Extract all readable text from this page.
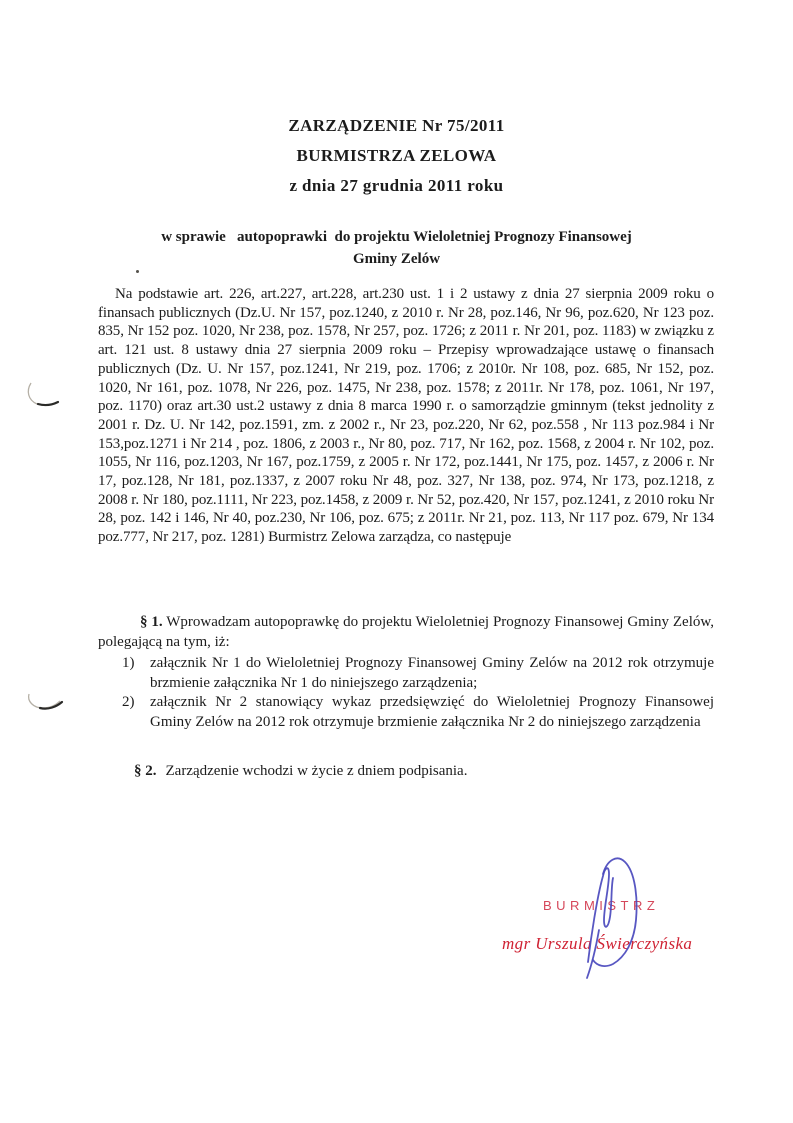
ZARZĄDZENIE Nr 75/2011
BURMISTRZA ZELOWA
z dnia 27 grudnia 2011 roku
w sprawie   autopoprawki  do projektu Wieloletniej Prognozy Finansowej
Gminy Zelów

Na podstawie art. 226, art.227, art.228, art.230 ust. 1 i 2 ustawy z dnia 27 sierpnia 2009 roku o finansach publicznych (Dz.U. Nr 157, poz.1240, z 2010 r. Nr 28, poz.146, Nr 96, poz.620, Nr 123 poz. 835, Nr 152 poz. 1020, Nr 238, poz. 1578, Nr 257, poz. 1726; z 2011 r. Nr 201, poz. 1183) w związku z art. 121 ust. 8 ustawy dnia 27 sierpnia 2009 roku – Przepisy wprowadzające ustawę o finansach publicznych (Dz. U. Nr 157, poz.1241, Nr 219, poz. 1706; z 2010r. Nr 108, poz. 685, Nr 152, poz. 1020, Nr 161, poz. 1078, Nr 226, poz. 1475, Nr 238, poz. 1578; z 2011r. Nr 178, poz. 1061, Nr 197, poz. 1170) oraz art.30 ust.2 ustawy z dnia 8 marca 1990 r. o samorządzie gminnym (tekst jednolity z 2001 r. Dz. U. Nr 142, poz.1591, zm. z 2002 r., Nr 23, poz.220, Nr 62, poz.558 , Nr 113 poz.984 i Nr 153,poz.1271 i Nr 214 , poz. 1806, z 2003 r., Nr 80, poz. 717, Nr 162, poz. 1568, z 2004 r. Nr 102, poz. 1055, Nr 116, poz.1203, Nr 167, poz.1759, z 2005 r. Nr 172, poz.1441, Nr 175, poz. 1457, z 2006 r. Nr 17, poz.128, Nr 181, poz.1337, z 2007 roku Nr 48, poz. 327, Nr 138, poz. 974, Nr 173, poz.1218, z 2008 r. Nr 180, poz.1111, Nr 223, poz.1458, z 2009 r. Nr 52, poz.420, Nr 157, poz.1241, z 2010 roku Nr 28, poz. 142 i 146, Nr 40, poz.230, Nr 106, poz. 675; z 2011r. Nr 21, poz. 113, Nr 117 poz. 679, Nr 134 poz.777, Nr 217, poz. 1281) Burmistrz Zelowa zarządza, co następuje

§ 1. Wprowadzam autopoprawkę do projektu Wieloletniej Prognozy Finansowej Gminy Zelów, polegającą na tym, iż:

1)	załącznik Nr 1 do Wieloletniej Prognozy Finansowej Gminy Zelów na 2012 rok otrzymuje brzmienie załącznika Nr 1 do niniejszego zarządzenia;
2)	załącznik Nr 2 stanowiący wykaz przedsięwzięć do Wieloletniej Prognozy Finansowej Gminy Zelów na 2012 rok otrzymuje brzmienie załącznika Nr 2 do niniejszego zarządzenia
§ 2. Zarządzenie wchodzi w życie z dniem podpisania.
BURMISTRZ
mgr Urszula Świerczyńska
